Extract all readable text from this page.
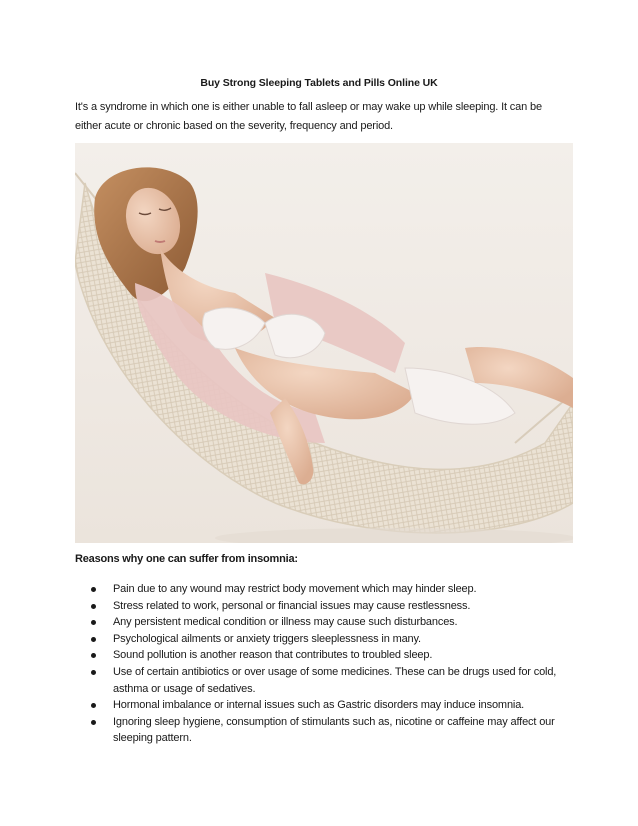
Buy Strong Sleeping Tablets and Pills Online UK
It's a syndrome in which one is either unable to fall asleep or may wake up while sleeping. It can be either acute or chronic based on the severity, frequency and period.
Reasons why one can suffer from insomnia:
Pain due to any wound may restrict body movement which may hinder sleep.
Stress related to work, personal or financial issues may cause restlessness.
Any persistent medical condition or illness may cause such disturbances.
Psychological ailments or anxiety triggers sleeplessness in many.
Sound pollution is another reason that contributes to troubled sleep.
Use of certain antibiotics or over usage of some medicines. These can be drugs used for cold, asthma or usage of sedatives.
Hormonal imbalance or internal issues such as Gastric disorders may induce insomnia.
Ignoring sleep hygiene, consumption of stimulants such as, nicotine or caffeine may affect our sleeping pattern.
